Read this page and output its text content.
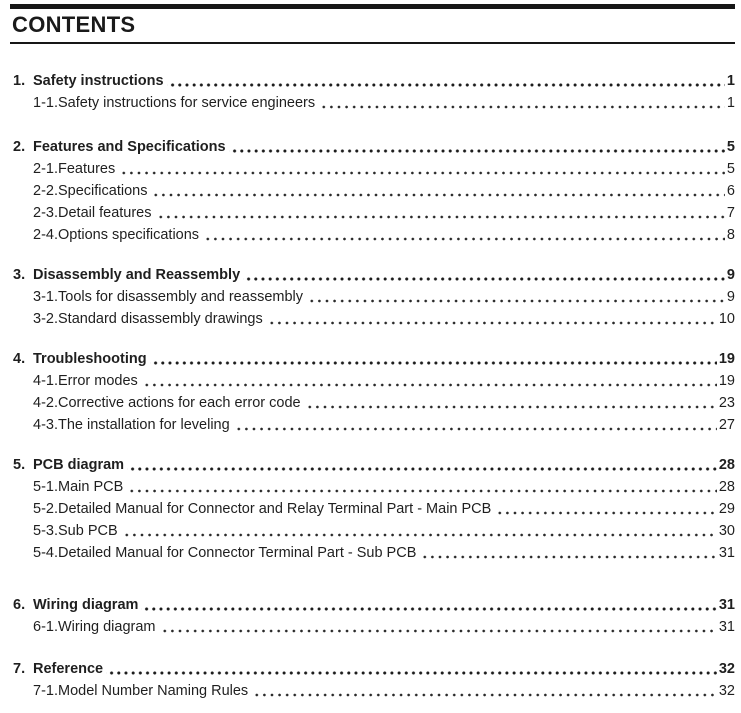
CONTENTS
1. Safety instructions	1
1-1. Safety instructions for service engineers	1
2. Features and Specifications	5
2-1. Features	5
2-2. Specifications	6
2-3. Detail features	7
2-4. Options specifications	8
3. Disassembly and Reassembly	9
3-1. Tools for disassembly and reassembly	9
3-2. Standard disassembly drawings	10
4. Troubleshooting	19
4-1. Error modes	19
4-2. Corrective actions for each error code	23
4-3. The installation for leveling	27
5. PCB diagram	28
5-1. Main PCB	28
5-2. Detailed Manual for Connector and Relay Terminal Part - Main PCB	29
5-3. Sub PCB	30
5-4. Detailed Manual for Connector Terminal Part - Sub PCB	31
6. Wiring diagram	31
6-1. Wiring diagram	31
7. Reference	32
7-1. Model Number Naming Rules	32
